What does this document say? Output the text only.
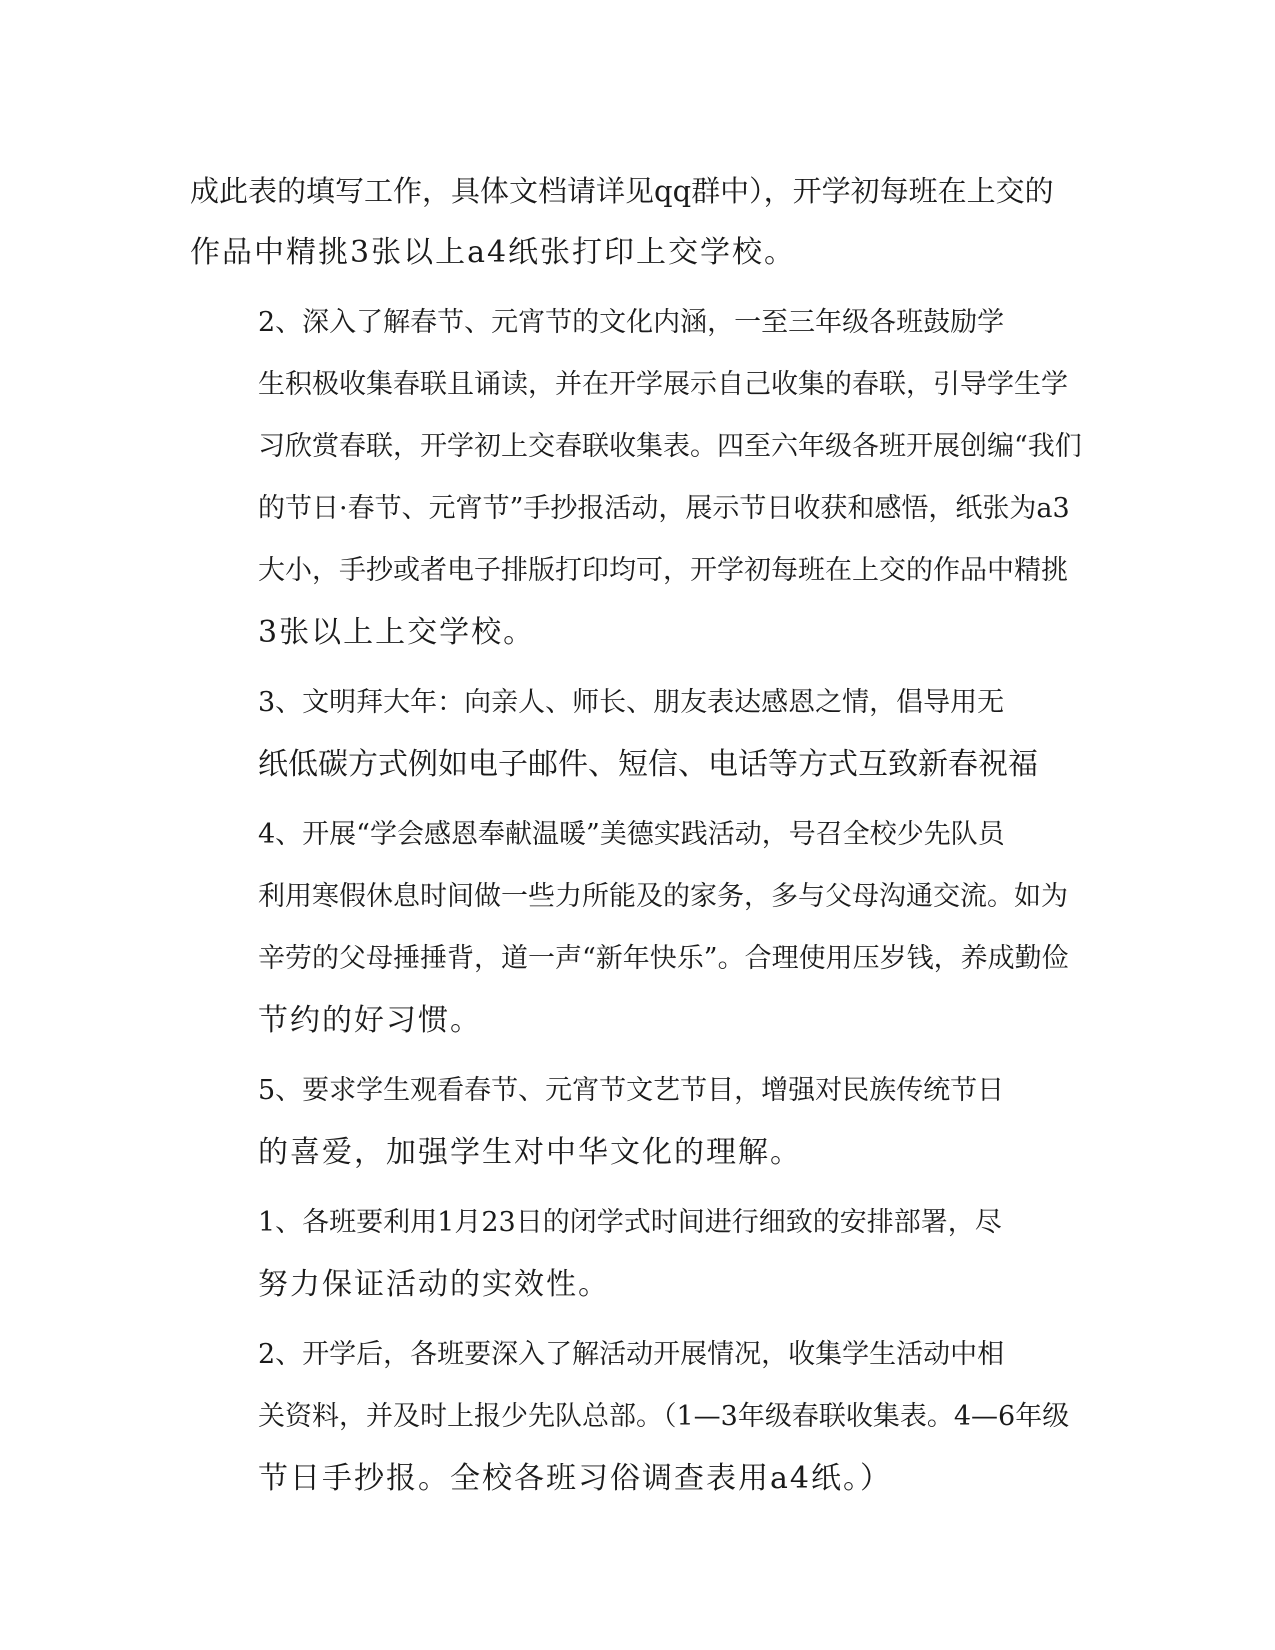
成此表的填写工作，具体文档请详见qq群中），开学初每班在上交的
作品中精挑3张以上a4纸张打印上交学校。
2、深入了解春节、元宵节的文化内涵，一至三年级各班鼓励学
生积极收集春联且诵读，并在开学展示自己收集的春联，引导学生学
习欣赏春联，开学初上交春联收集表。四至六年级各班开展创编“我们
的节日·春节、元宵节”手抄报活动，展示节日收获和感悟，纸张为a3
大小，手抄或者电子排版打印均可，开学初每班在上交的作品中精挑
3张以上上交学校。
3、文明拜大年：向亲人、师长、朋友表达感恩之情，倡导用无
纸低碳方式例如电子邮件、短信、电话等方式互致新春祝福
4、开展“学会感恩奉献温暖”美德实践活动，号召全校少先队员
利用寒假休息时间做一些力所能及的家务，多与父母沟通交流。如为
辛劳的父母捶捶背，道一声“新年快乐”。合理使用压岁钱，养成勤俭
节约的好习惯。
5、要求学生观看春节、元宵节文艺节目，增强对民族传统节日
的喜爱，加强学生对中华文化的理解。
1、各班要利用1月23日的闭学式时间进行细致的安排部署，尽
努力保证活动的实效性。
2、开学后，各班要深入了解活动开展情况，收集学生活动中相
关资料，并及时上报少先队总部。（1—3年级春联收集表。4—6年级
节日手抄报。全校各班习俗调查表用a4纸。）
